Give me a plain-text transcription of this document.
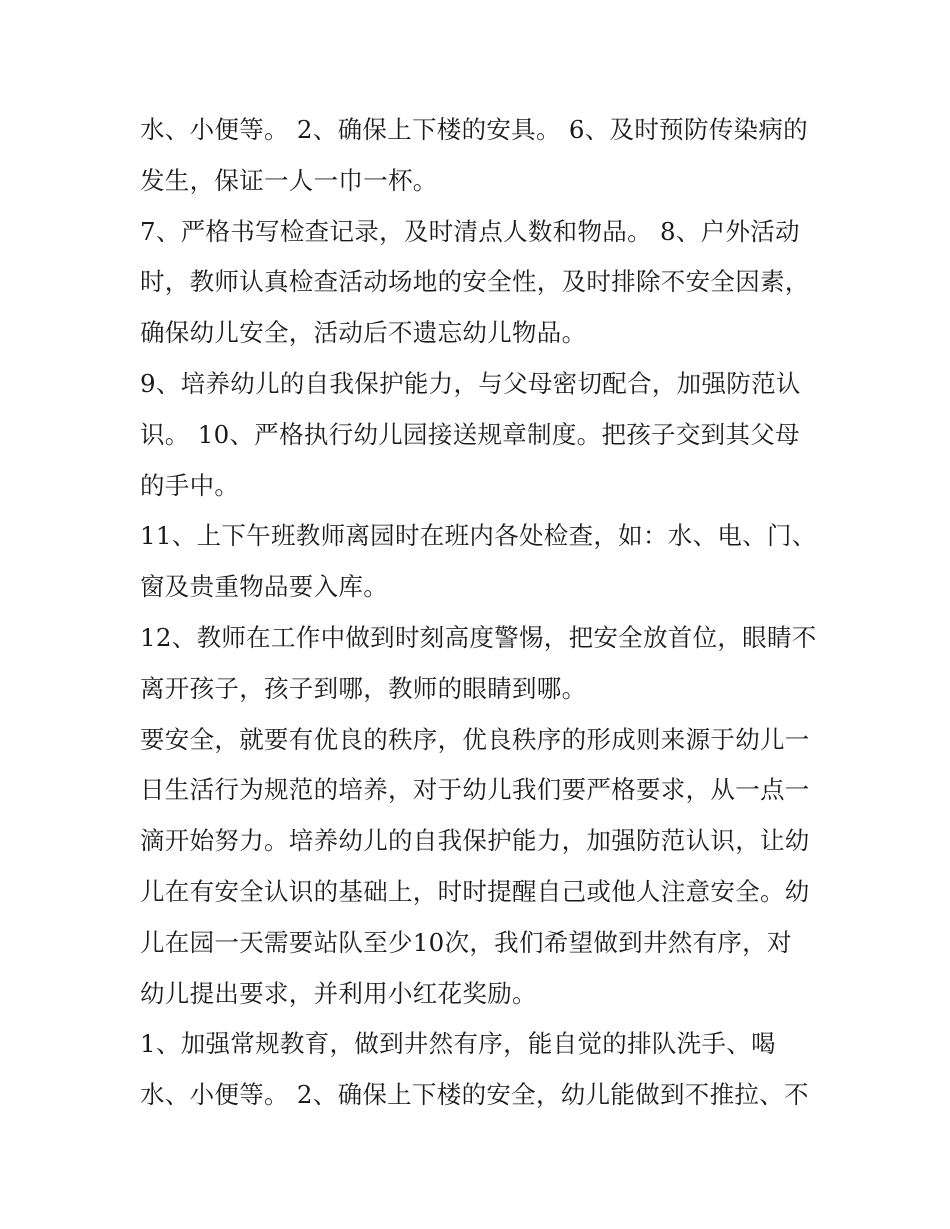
水、小便等。 2、确保上下楼的安具。 6、及时预防传染病的
发生，保证一人一巾一杯。
7、严格书写检查记录，及时清点人数和物品。 8、户外活动
时，教师认真检查活动场地的安全性，及时排除不安全因素，
确保幼儿安全，活动后不遗忘幼儿物品。
9、培养幼儿的自我保护能力，与父母密切配合，加强防范认
识。 10、严格执行幼儿园接送规章制度。把孩子交到其父母
的手中。
11、上下午班教师离园时在班内各处检查，如：水、电、门、
窗及贵重物品要入库。
12、教师在工作中做到时刻高度警惕，把安全放首位，眼睛不
离开孩子，孩子到哪，教师的眼睛到哪。
要安全，就要有优良的秩序，优良秩序的形成则来源于幼儿一
日生活行为规范的培养，对于幼儿我们要严格要求，从一点一
滴开始努力。培养幼儿的自我保护能力，加强防范认识，让幼
儿在有安全认识的基础上，时时提醒自己或他人注意安全。幼
儿在园一天需要站队至少10次，我们希望做到井然有序，对
幼儿提出要求，并利用小红花奖励。
1、加强常规教育，做到井然有序，能自觉的排队洗手、喝
水、小便等。 2、确保上下楼的安全，幼儿能做到不推拉、不
